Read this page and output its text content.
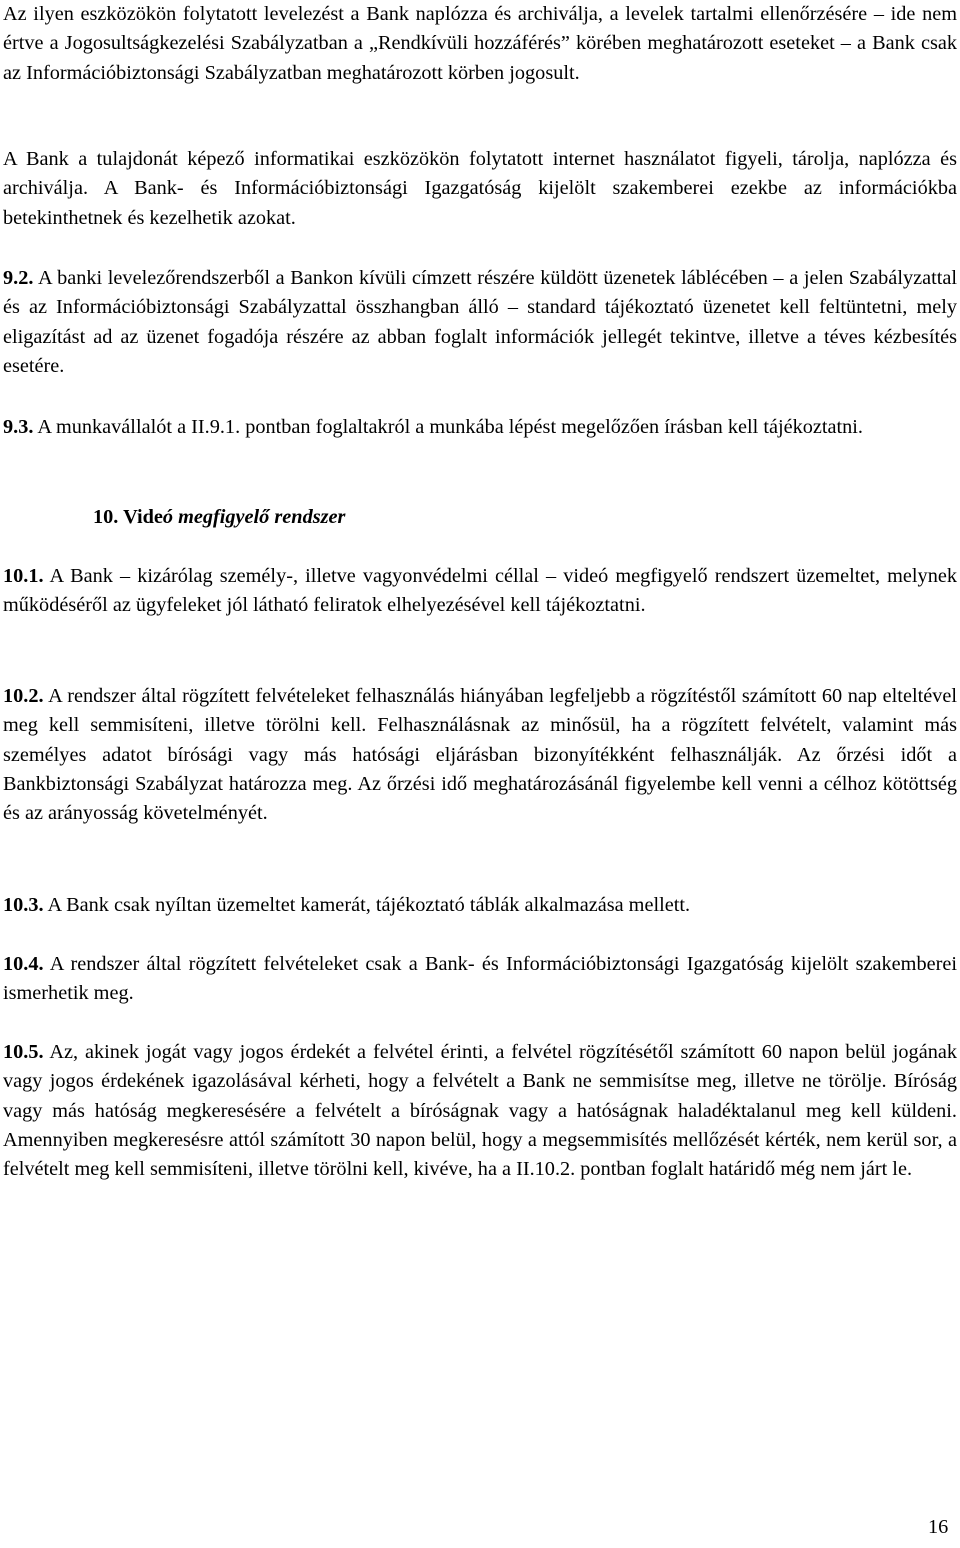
Az ilyen eszközökön folytatott levelezést a Bank naplózza és archiválja, a levelek tartalmi ellenőrzésére – ide nem értve a Jogosultságkezelési Szabályzatban a „Rendkívüli hozzáférés” körében meghatározott eseteket – a Bank csak az Információbiztonsági Szabályzatban meghatározott körben jogosult.

A Bank a tulajdonát képező informatikai eszközökön folytatott internet használatot figyeli, tárolja, naplózza és archiválja. A Bank- és Információbiztonsági Igazgatóság kijelölt szakemberei ezekbe az információkba betekinthetnek és kezelhetik azokat.

9.2. A banki levelezőrendszerből a Bankon kívüli címzett részére küldött üzenetek láblécében – a jelen Szabályzattal és az Információbiztonsági Szabályzattal összhangban álló – standard tájékoztató üzenetet kell feltüntetni, mely eligazítást ad az üzenet fogadója részére az abban foglalt információk jellegét tekintve, illetve a téves kézbesítés esetére.

9.3. A munkavállalót a II.9.1. pontban foglaltakról a munkába lépést megelőzően írásban kell tájékoztatni.

10. Videó megfigyelő rendszer

10.1. A Bank – kizárólag személy-, illetve vagyonvédelmi céllal – videó megfigyelő rendszert üzemeltet, melynek működéséről az ügyfeleket jól látható feliratok elhelyezésével kell tájékoztatni.

10.2. A rendszer által rögzített felvételeket felhasználás hiányában legfeljebb a rögzítéstől számított 60 nap elteltével meg kell semmisíteni, illetve törölni kell. Felhasználásnak az minősül, ha a rögzített felvételt, valamint más személyes adatot bírósági vagy más hatósági eljárásban bizonyítékként felhasználják. Az őrzési időt a Bankbiztonsági Szabályzat határozza meg. Az őrzési idő meghatározásánál figyelembe kell venni a célhoz kötöttség és az arányosság követelményét.

10.3. A Bank csak nyíltan üzemeltet kamerát, tájékoztató táblák alkalmazása mellett.

10.4. A rendszer által rögzített felvételeket csak a Bank- és Információbiztonsági Igazgatóság kijelölt szakemberei ismerhetik meg.

10.5. Az, akinek jogát vagy jogos érdekét a felvétel érinti, a felvétel rögzítésétől számított 60 napon belül jogának vagy jogos érdekének igazolásával kérheti, hogy a felvételt a Bank ne semmisítse meg, illetve ne törölje. Bíróság vagy más hatóság megkeresésére a felvételt a bíróságnak vagy a hatóságnak haladéktalanul meg kell küldeni. Amennyiben megkeresésre attól számított 30 napon belül, hogy a megsemmisítés mellőzését kérték, nem kerül sor, a felvételt meg kell semmisíteni, illetve törölni kell, kivéve, ha a II.10.2. pontban foglalt határidő még nem járt le.

16
